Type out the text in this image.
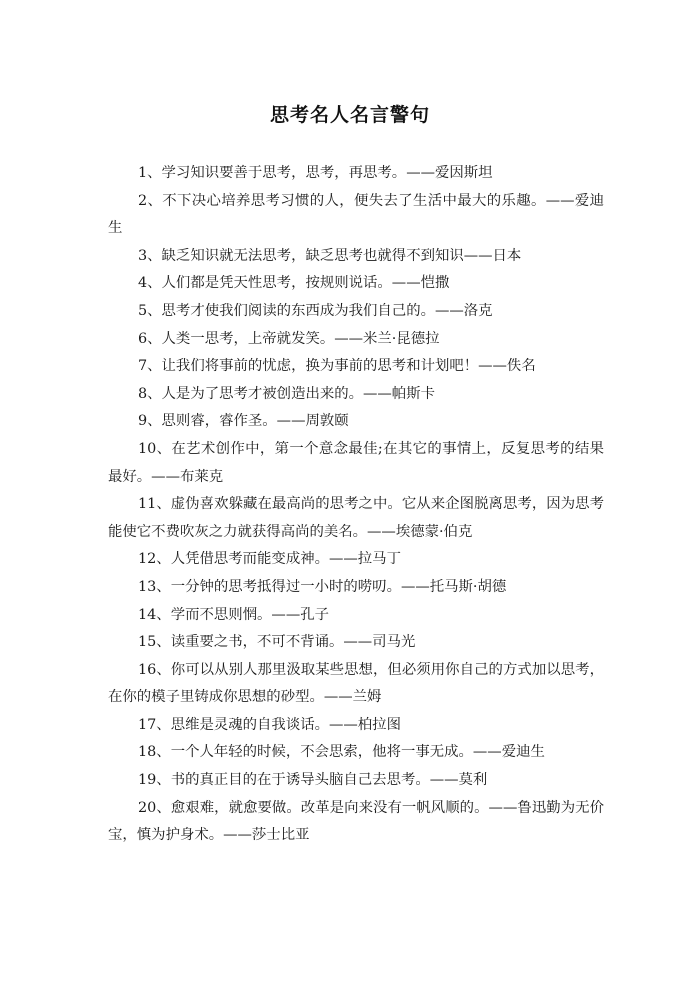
思考名人名言警句
1、学习知识要善于思考，思考，再思考。——爱因斯坦
2、不下决心培养思考习惯的人，便失去了生活中最大的乐趣。——爱迪生
3、缺乏知识就无法思考，缺乏思考也就得不到知识——日本
4、人们都是凭天性思考，按规则说话。——恺撒
5、思考才使我们阅读的东西成为我们自己的。——洛克
6、人类一思考，上帝就发笑。——米兰·昆德拉
7、让我们将事前的忧虑，换为事前的思考和计划吧！——佚名
8、人是为了思考才被创造出来的。——帕斯卡
9、思则睿，睿作圣。——周敦颐
10、在艺术创作中，第一个意念最佳;在其它的事情上，反复思考的结果最好。——布莱克
11、虚伪喜欢躲藏在最高尚的思考之中。它从来企图脱离思考，因为思考能使它不费吹灰之力就获得高尚的美名。——埃德蒙·伯克
12、人凭借思考而能变成神。——拉马丁
13、一分钟的思考抵得过一小时的唠叨。——托马斯·胡德
14、学而不思则惘。——孔子
15、读重要之书，不可不背诵。——司马光
16、你可以从别人那里汲取某些思想，但必须用你自己的方式加以思考，在你的模子里铸成你思想的砂型。——兰姆
17、思维是灵魂的自我谈话。——柏拉图
18、一个人年轻的时候，不会思索，他将一事无成。——爱迪生
19、书的真正目的在于诱导头脑自己去思考。——莫利
20、愈艰难，就愈要做。改革是向来没有一帆风顺的。——鲁迅勤为无价宝，慎为护身术。——莎士比亚
